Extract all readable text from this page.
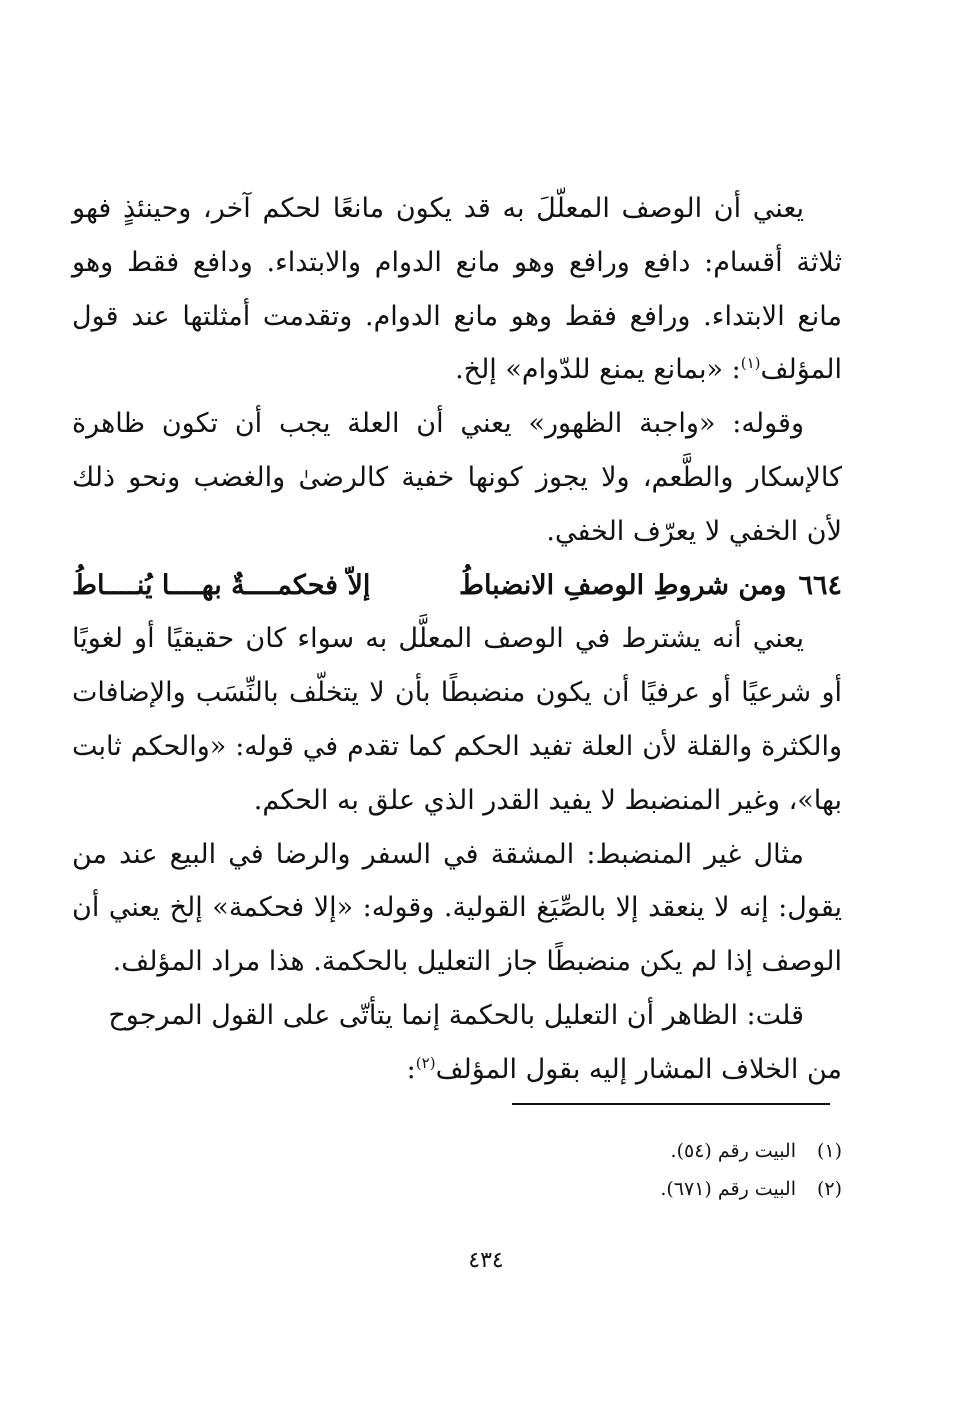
يعني أن الوصف المعلّلَ به قد يكون مانعًا لحكم آخر، وحينئذٍ فهو ثلاثة أقسام: دافع ورافع وهو مانع الدوام والابتداء. ودافع فقط وهو مانع الابتداء. ورافع فقط وهو مانع الدوام. وتقدمت أمثلتها عند قول المؤلف$^{(١)}$: «بمانع يمنع للدّوام» إلخ.

وقوله: «واجبة الظهور» يعني أن العلة يجب أن تكون ظاهرة كالإسكار والطَّعم، ولا يجوز كونها خفية كالرضىٰ والغضب ونحو ذلك لأن الخفي لا يعرّف الخفي.

٦٦٤
ومن شروطِ الوصفِ الانضباطُ
إلاّ فحكمــــةٌ بهــــا يُنــــاطُ

يعني أنه يشترط في الوصف المعلَّل به سواء كان حقيقيًا أو لغويًا أو شرعيًا أو عرفيًا أن يكون منضبطًا بأن لا يتخلّف بالنِّسَب والإضافات والكثرة والقلة لأن العلة تفيد الحكم كما تقدم في قوله: «والحكم ثابت بها»، وغير المنضبط لا يفيد القدر الذي علق به الحكم.

مثال غير المنضبط: المشقة في السفر والرضا في البيع عند من يقول: إنه لا ينعقد إلا بالصِّيَغ القولية. وقوله: «إلا فحكمة» إلخ يعني أن الوصف إذا لم يكن منضبطًا جاز التعليل بالحكمة. هذا مراد المؤلف.

قلت: الظاهر أن التعليل بالحكمة إنما يتأتّى على القول المرجوح
من الخلاف المشار إليه بقول المؤلف$^{(٢)}$:

(١)البيت رقم (٥٤).

(٢)البيت رقم (٦٧١).

٤٣٤
